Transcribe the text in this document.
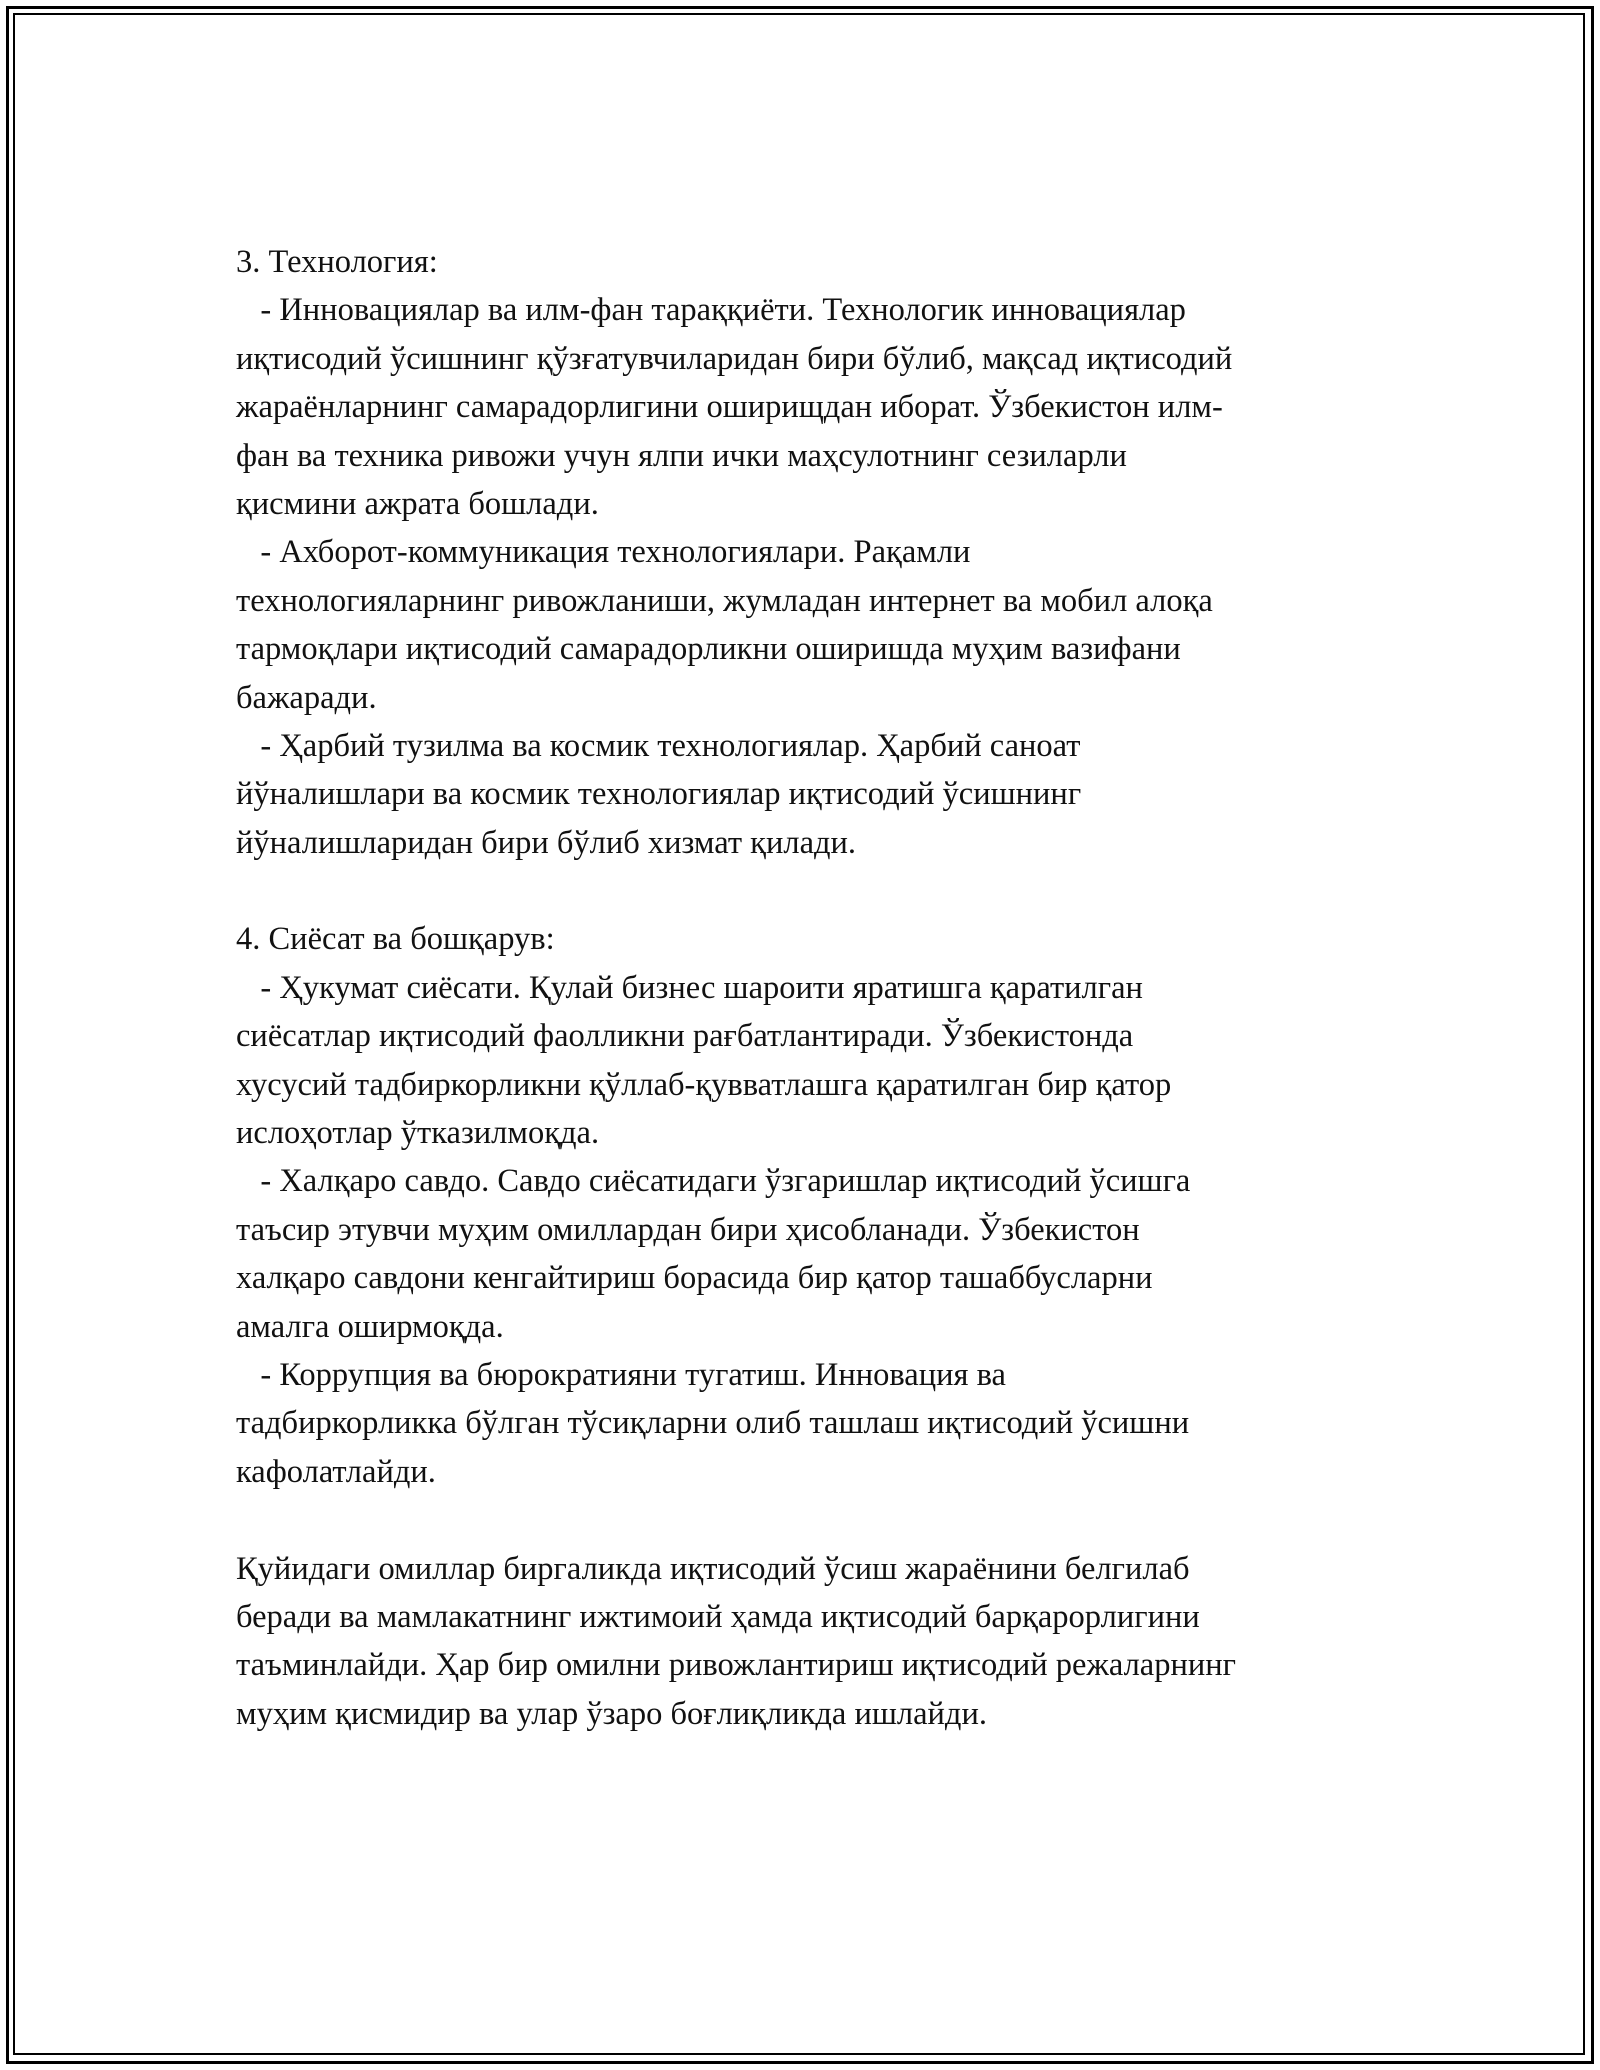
3. Технология:
- Инновациялар ва илм-фан тараққиёти. Технологик инновациялар
иқтисодий ўсишнинг қўзғатувчиларидан бири бўлиб, мақсад иқтисодий
жараёнларнинг самарадорлигини оширищдан иборат. Ўзбекистон илм-
фан ва техника ривожи учун ялпи ички маҳсулотнинг сезиларли
қисмини ажрата бошлади.
- Ахборот-коммуникация технологиялари. Рақамли
технологияларнинг ривожланиши, жумладан интернет ва мобил алоқа
тармоқлари иқтисодий самарадорликни оширишда муҳим вазифани
бажаради.
- Ҳарбий тузилма ва космик технологиялар. Ҳарбий саноат
йўналишлари ва космик технологиялар иқтисодий ўсишнинг
йўналишларидан бири бўлиб хизмат қилади.
4. Сиёсат ва бошқарув:
- Ҳукумат сиёсати. Қулай бизнес шароити яратишга қаратилган
сиёсатлар иқтисодий фаолликни рағбатлантиради. Ўзбекистонда
хусусий тадбиркорликни қўллаб-қувватлашга қаратилган бир қатор
ислоҳотлар ўтказилмоқда.
- Халқаро савдо. Савдо сиёсатидаги ўзгаришлар иқтисодий ўсишга
таъсир этувчи муҳим омиллардан бири ҳисобланади. Ўзбекистон
халқаро савдони кенгайтириш борасида бир қатор ташаббусларни
амалга оширмоқда.
- Коррупция ва бюрократияни тугатиш. Инновация ва
тадбиркорликка бўлган тўсиқларни олиб ташлаш иқтисодий ўсишни
кафолатлайди.
Қуйидаги омиллар биргаликда иқтисодий ўсиш жараёнини белгилаб
беради ва мамлакатнинг ижтимоий ҳамда иқтисодий барқарорлигини
таъминлайди. Ҳар бир омилни ривожлантириш иқтисодий режаларнинг
муҳим қисмидир ва улар ўзаро боғлиқликда ишлайди.
